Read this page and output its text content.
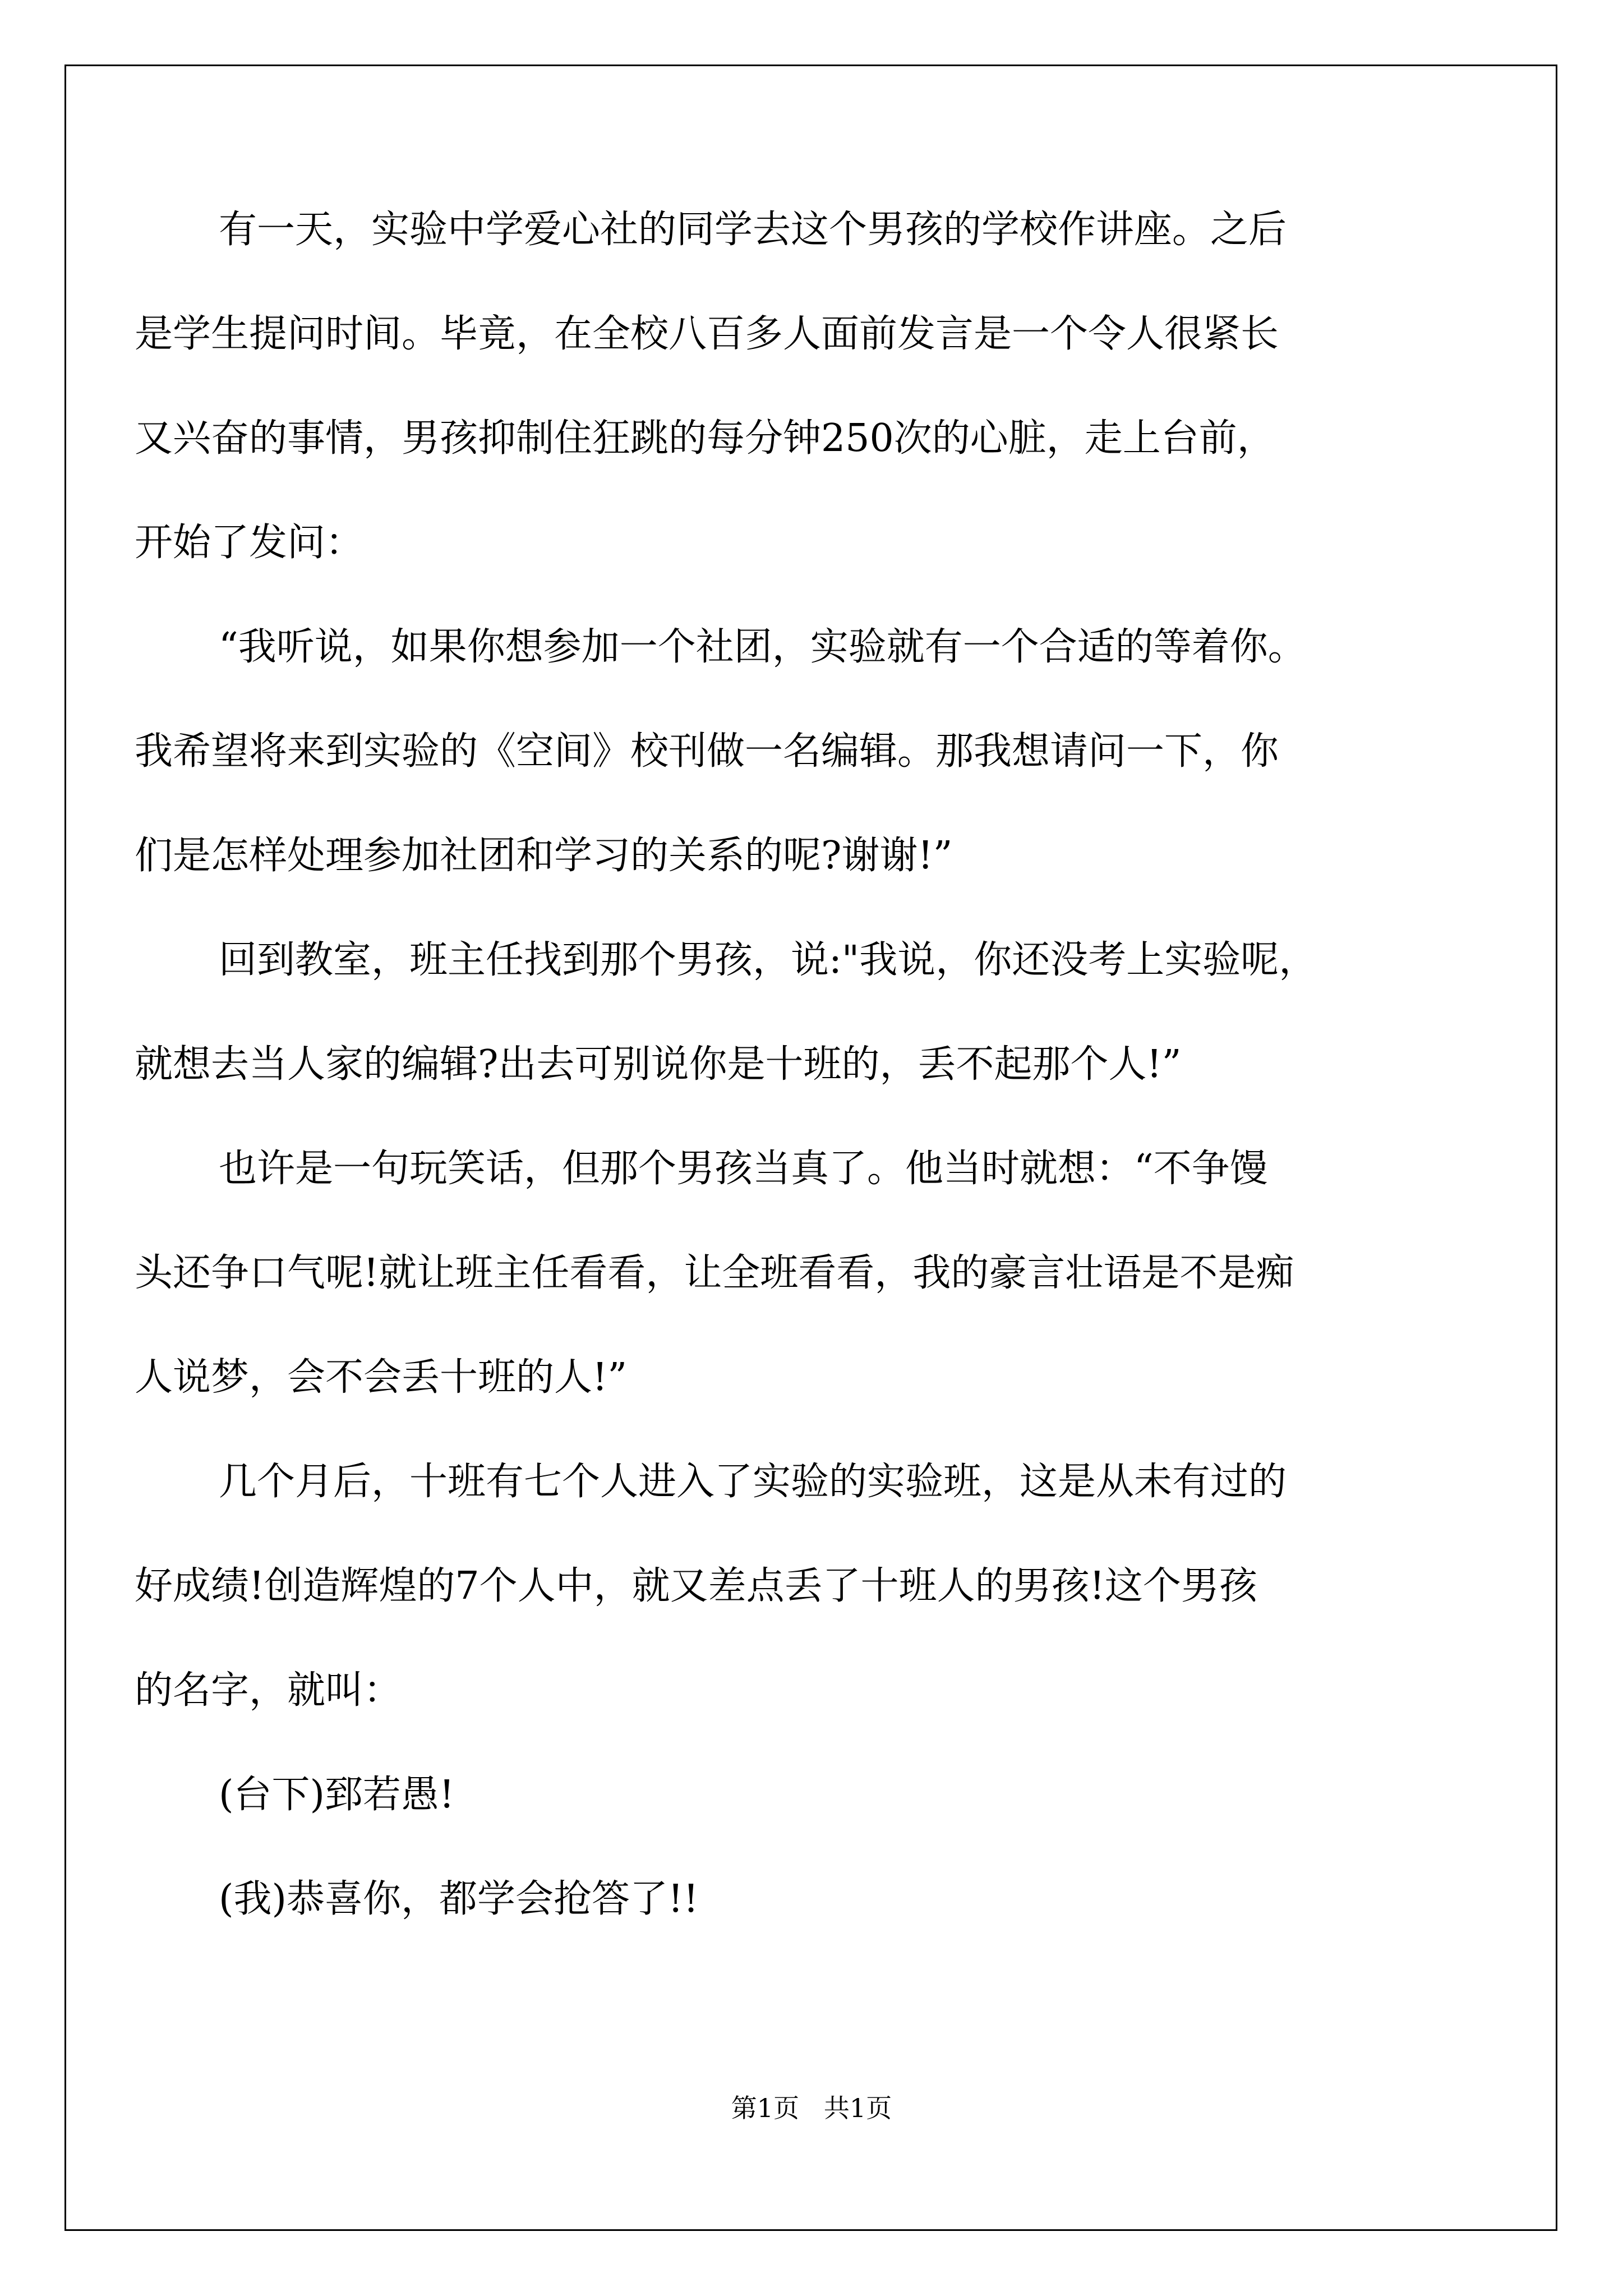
有一天，实验中学爱心社的同学去这个男孩的学校作讲座。之后
是学生提问时间。毕竟，在全校八百多人面前发言是一个令人很紧长
又兴奋的事情，男孩抑制住狂跳的每分钟250次的心脏，走上台前，
开始了发问：
“我听说，如果你想参加一个社团，实验就有一个合适的等着你。
我希望将来到实验的《空间》校刊做一名编辑。那我想请问一下，你
们是怎样处理参加社团和学习的关系的呢?谢谢!”
回到教室，班主任找到那个男孩，说:"我说，你还没考上实验呢，
就想去当人家的编辑?出去可别说你是十班的，丢不起那个人!”
也许是一句玩笑话，但那个男孩当真了。他当时就想：“不争馒
头还争口气呢!就让班主任看看，让全班看看，我的豪言壮语是不是痴
人说梦，会不会丢十班的人!”
几个月后，十班有七个人进入了实验的实验班，这是从未有过的
好成绩!创造辉煌的7个人中，就又差点丢了十班人的男孩!这个男孩
的名字，就叫：
(台下)郅若愚!
(我)恭喜你，都学会抢答了!!
第1页   共1页
